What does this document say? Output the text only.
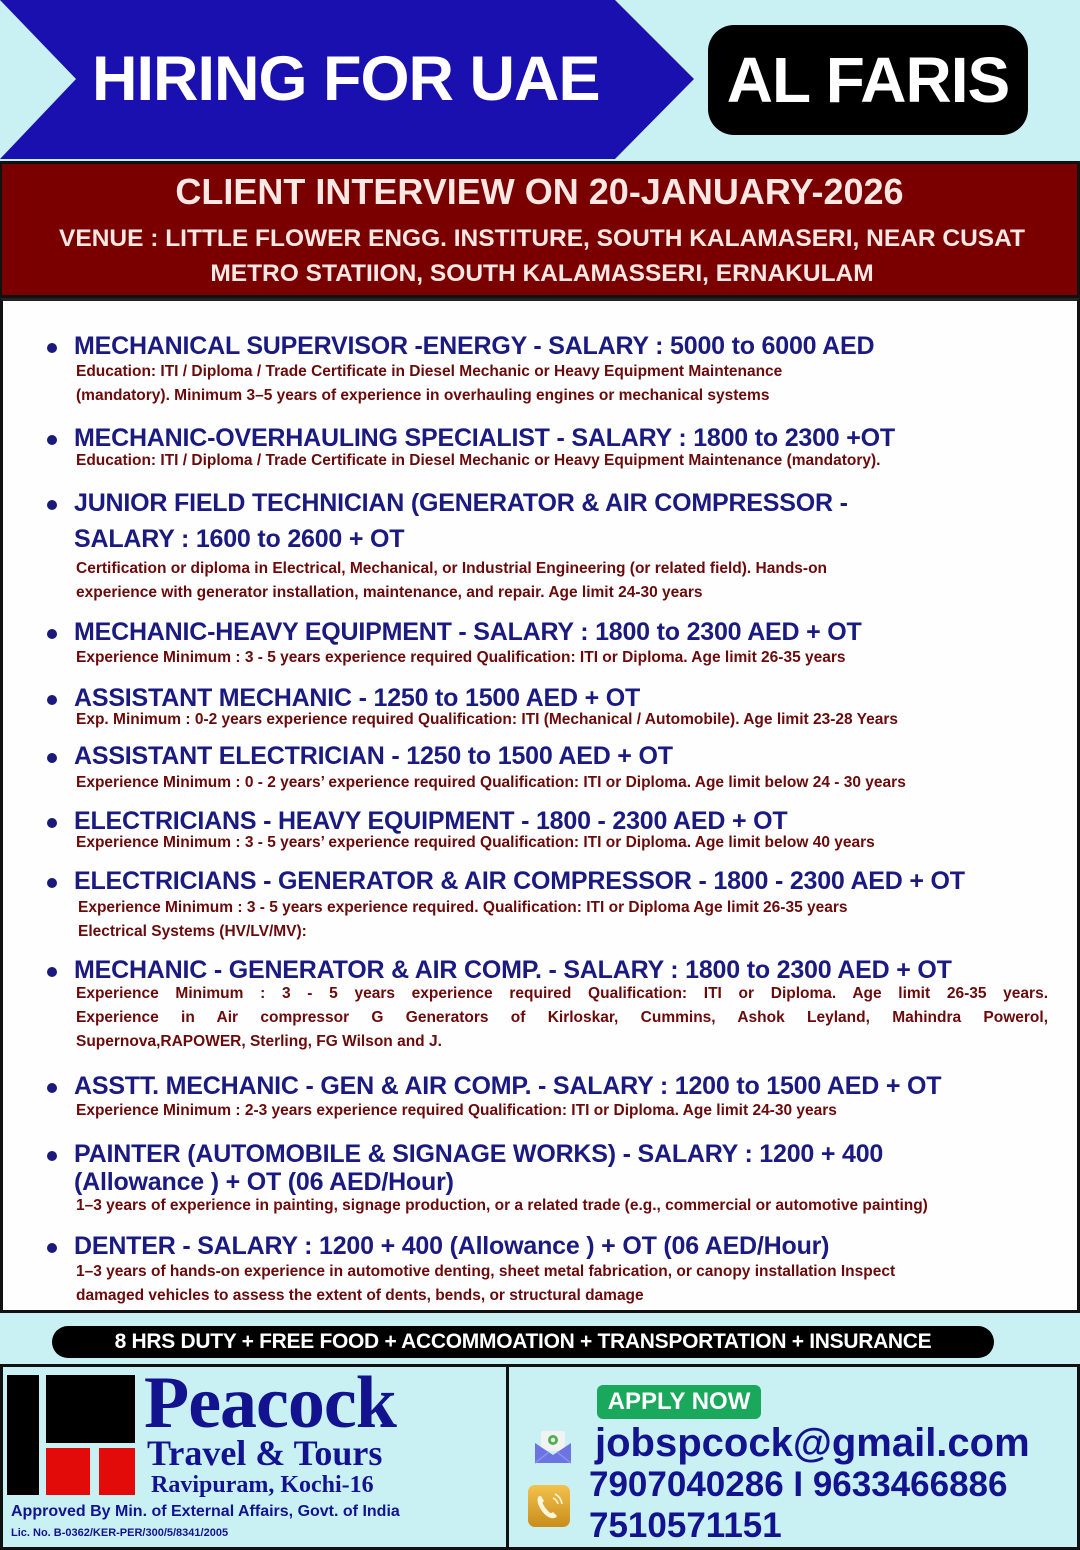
HIRING FOR UAE	AL FARIS
CLIENT INTERVIEW ON 20-JANUARY-2026
VENUE : LITTLE FLOWER ENGG. INSTITURE, SOUTH KALAMASERI, NEAR CUSAT
METRO STATIION, SOUTH KALAMASSERI, ERNAKULAM
MECHANICAL SUPERVISOR -ENERGY - SALARY : 5000 to 6000 AED
Education: ITI / Diploma / Trade Certificate in Diesel Mechanic or Heavy Equipment Maintenance
(mandatory). Minimum 3–5 years of experience in overhauling engines or mechanical systems
MECHANIC-OVERHAULING SPECIALIST - SALARY : 1800 to 2300 +OT
Education: ITI / Diploma / Trade Certificate in Diesel Mechanic or Heavy Equipment Maintenance (mandatory).
JUNIOR FIELD TECHNICIAN (GENERATOR & AIR COMPRESSOR -
SALARY : 1600 to 2600 + OT
Certification or diploma in Electrical, Mechanical, or Industrial Engineering (or related field). Hands-on
experience with generator installation, maintenance, and repair. Age limit 24-30 years
MECHANIC-HEAVY EQUIPMENT - SALARY : 1800 to 2300 AED + OT
Experience Minimum : 3 - 5 years experience required Qualification: ITI or Diploma. Age limit 26-35 years
ASSISTANT MECHANIC - 1250 to 1500 AED + OT
Exp. Minimum : 0-2 years experience required Qualification: ITI (Mechanical / Automobile). Age limit 23-28 Years
ASSISTANT ELECTRICIAN - 1250 to 1500 AED + OT
Experience Minimum : 0 - 2 years’ experience required Qualification: ITI or Diploma. Age limit below 24 - 30 years
ELECTRICIANS - HEAVY EQUIPMENT - 1800 - 2300 AED + OT
Experience Minimum : 3 - 5 years’ experience required Qualification: ITI or Diploma. Age limit below 40 years
ELECTRICIANS - GENERATOR & AIR COMPRESSOR - 1800 - 2300 AED + OT
Experience Minimum : 3 - 5 years experience required. Qualification: ITI or Diploma Age limit 26-35 years
Electrical Systems (HV/LV/MV):
MECHANIC - GENERATOR & AIR COMP. - SALARY : 1800 to 2300 AED + OT
Experience Minimum : 3 - 5 years experience required Qualification: ITI or Diploma. Age limit 26-35 years.
Experience in Air compressor G Generators of Kirloskar, Cummins, Ashok Leyland, Mahindra Powerol,
Supernova,RAPOWER, Sterling, FG Wilson and J.
ASSTT. MECHANIC - GEN & AIR COMP. - SALARY : 1200 to 1500 AED + OT
Experience Minimum : 2-3 years experience required Qualification: ITI or Diploma. Age limit 24-30 years
PAINTER (AUTOMOBILE & SIGNAGE WORKS) - SALARY : 1200 + 400
(Allowance ) + OT (06 AED/Hour)
1–3 years of experience in painting, signage production, or a related trade (e.g., commercial or automotive painting)
DENTER - SALARY : 1200 + 400 (Allowance ) + OT (06 AED/Hour)
1–3 years of hands-on experience in automotive denting, sheet metal fabrication, or canopy installation Inspect
damaged vehicles to assess the extent of dents, bends, or structural damage
8 HRS DUTY + FREE FOOD + ACCOMMOATION + TRANSPORTATION + INSURANCE
Peacock
Travel & Tours
Ravipuram, Kochi-16
Approved By Min. of External Affairs, Govt. of India
Lic. No. B-0362/KER-PER/300/5/8341/2005
APPLY NOW
jobspcock@gmail.com
7907040286 I 9633466886
7510571151
